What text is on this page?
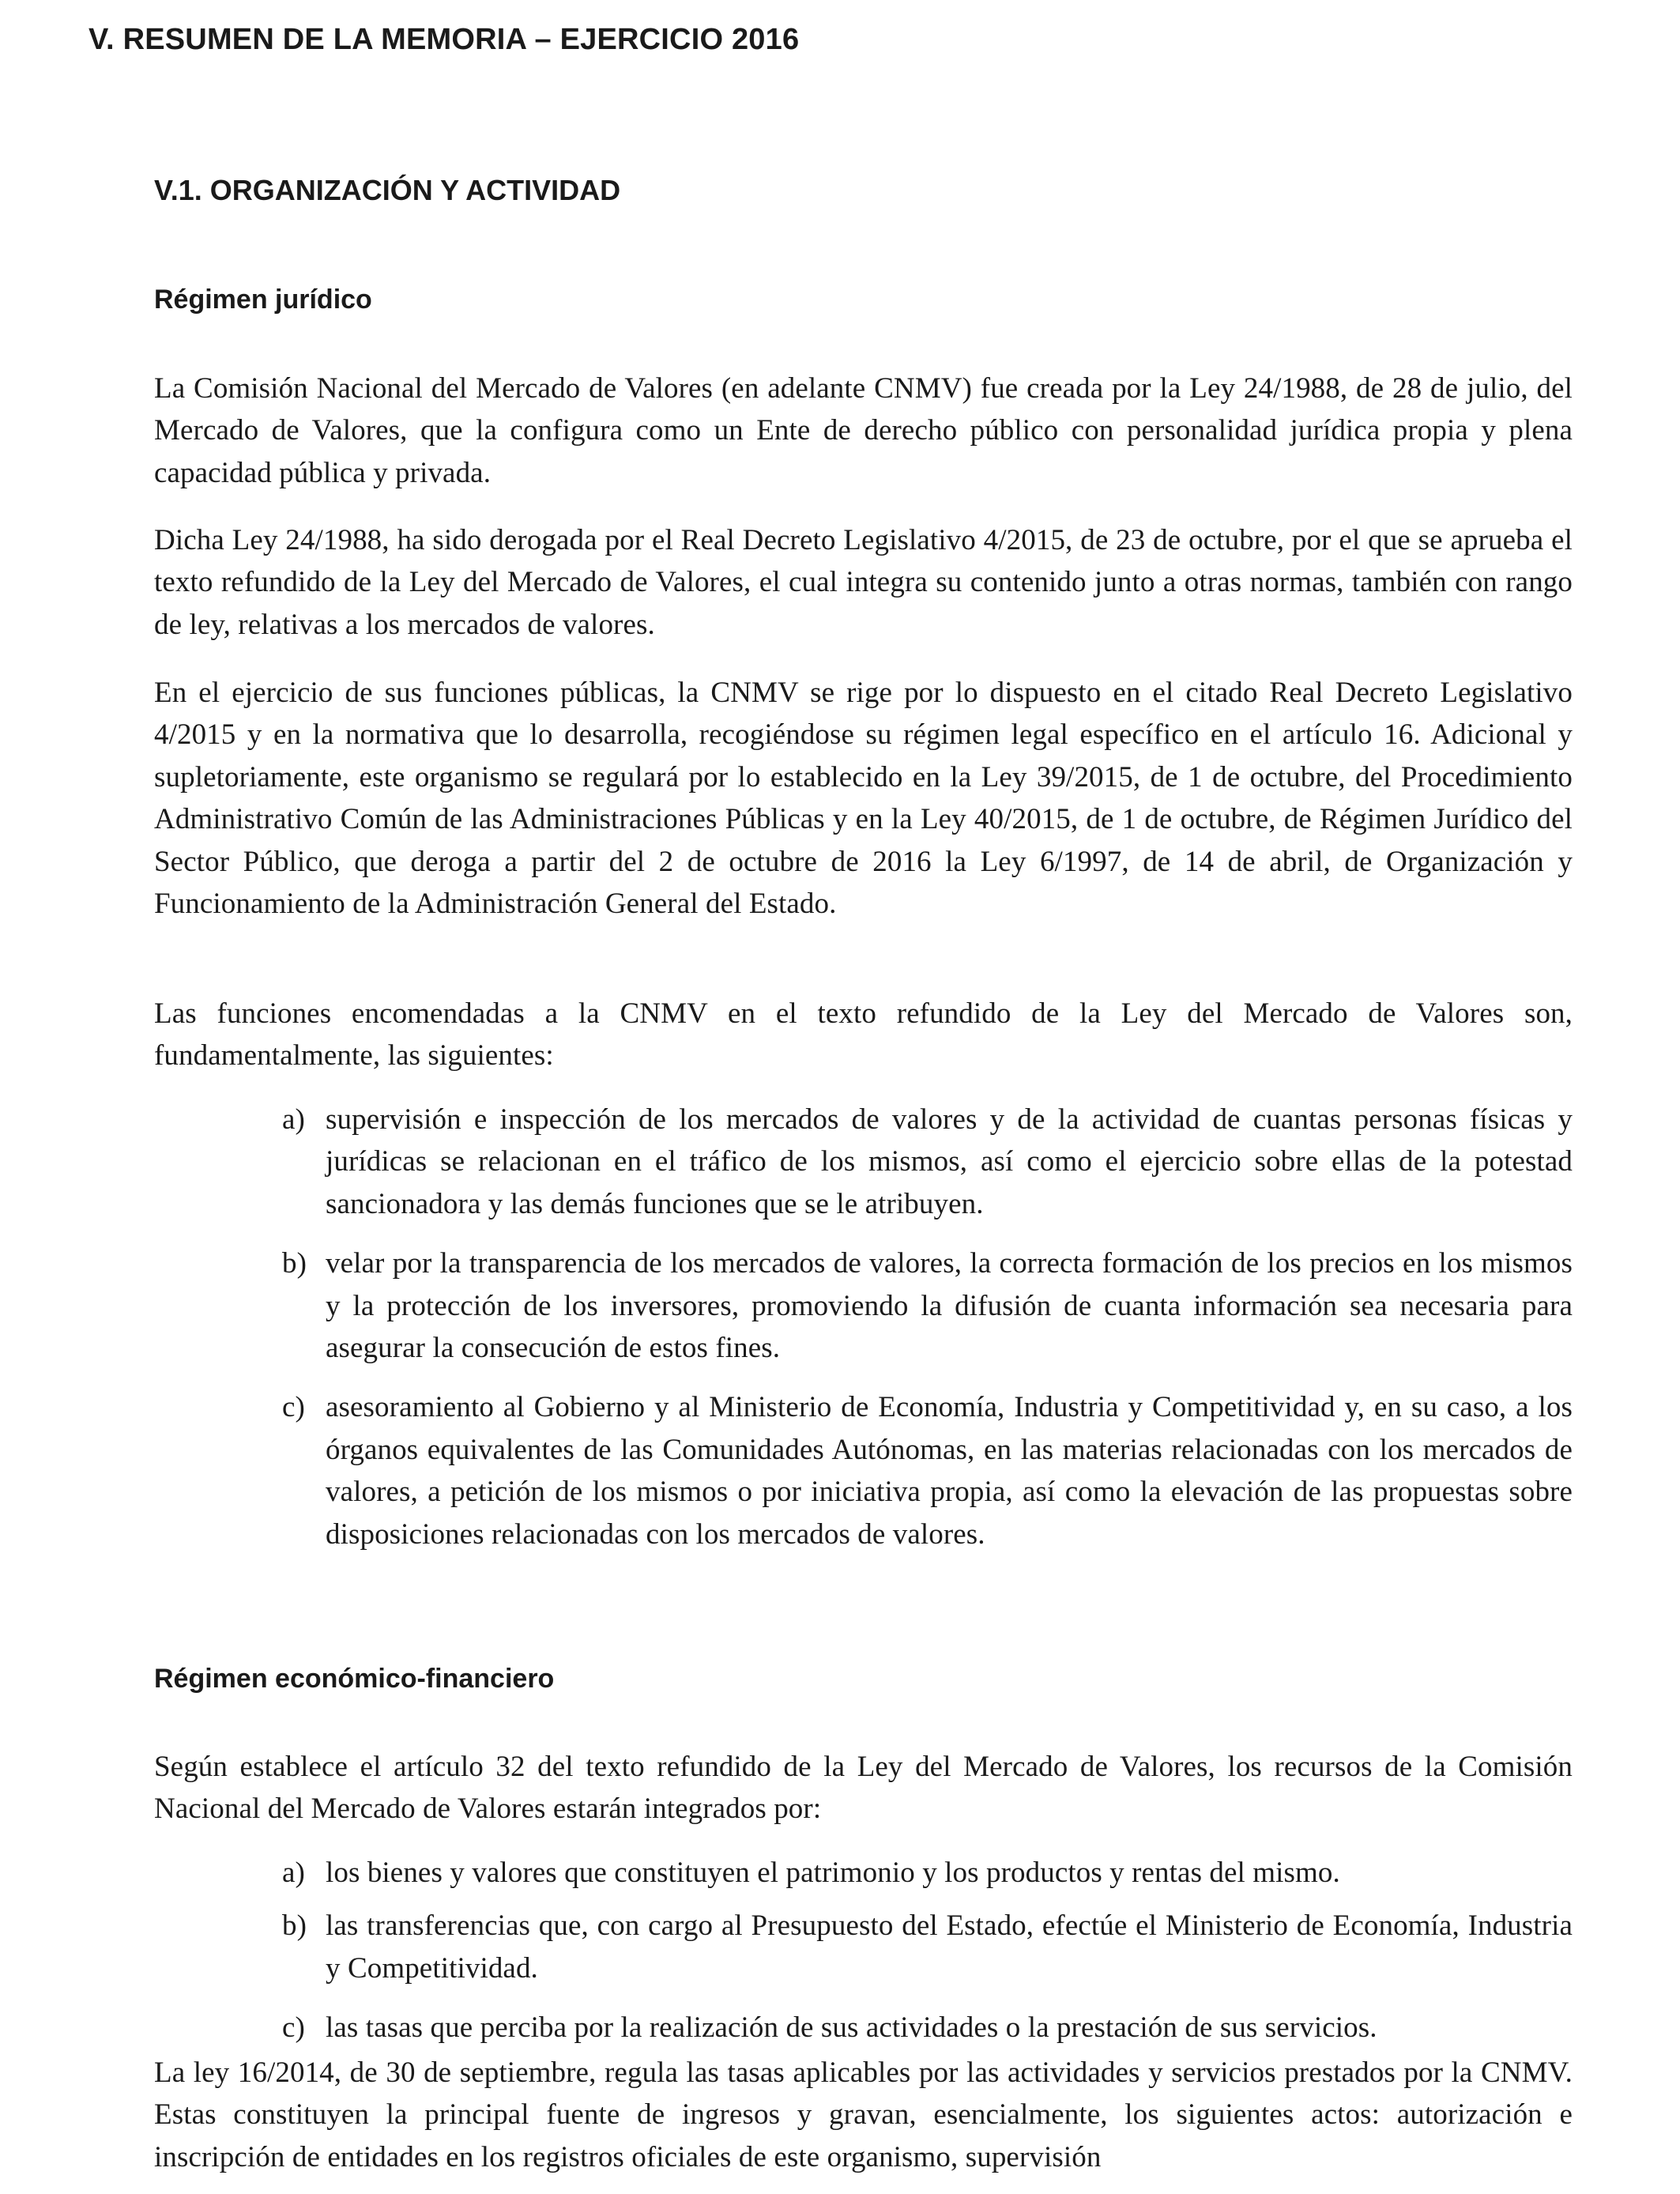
V. RESUMEN DE LA MEMORIA – EJERCICIO 2016
V.1. ORGANIZACIÓN Y ACTIVIDAD
Régimen jurídico

La Comisión Nacional del Mercado de Valores (en adelante CNMV) fue creada por la Ley 24/1988, de 28 de julio, del Mercado de Valores, que la configura como un Ente de derecho público con personalidad jurídica propia y plena capacidad pública y privada.

Dicha Ley 24/1988, ha sido derogada por el Real Decreto Legislativo 4/2015, de 23 de octubre, por el que se aprueba el texto refundido de la Ley del Mercado de Valores, el cual integra su contenido junto a otras normas, también con rango de ley, relativas a los mercados de valores.

En el ejercicio de sus funciones públicas, la CNMV se rige por lo dispuesto en el citado Real Decreto Legislativo 4/2015 y en la normativa que lo desarrolla, recogiéndose su régimen legal específico en el artículo 16. Adicional y supletoriamente, este organismo se regulará por lo establecido en la Ley 39/2015, de 1 de octubre, del Procedimiento Administrativo Común de las Administraciones Públicas y en la Ley 40/2015, de 1 de octubre, de Régimen Jurídico del Sector Público, que deroga a partir del 2 de octubre de 2016 la Ley 6/1997, de 14 de abril, de Organización y Funcionamiento de la Administración General del Estado.

Las funciones encomendadas a la CNMV en el texto refundido de la Ley del Mercado de Valores son, fundamentalmente, las siguientes:

a) supervisión e inspección de los mercados de valores y de la actividad de cuantas personas físicas y jurídicas se relacionan en el tráfico de los mismos, así como el ejercicio sobre ellas de la potestad sancionadora y las demás funciones que se le atribuyen.
b) velar por la transparencia de los mercados de valores, la correcta formación de los precios en los mismos y la protección de los inversores, promoviendo la difusión de cuanta información sea necesaria para asegurar la consecución de estos fines.
c) asesoramiento al Gobierno y al Ministerio de Economía, Industria y Competitividad y, en su caso, a los órganos equivalentes de las Comunidades Autónomas, en las materias relacionadas con los mercados de valores, a petición de los mismos o por iniciativa propia, así como la elevación de las propuestas sobre disposiciones relacionadas con los mercados de valores.
Régimen económico-financiero

Según establece el artículo 32 del texto refundido de la Ley del Mercado de Valores, los recursos de la Comisión Nacional del Mercado de Valores estarán integrados por:

a) los bienes y valores que constituyen el patrimonio y los productos y rentas del mismo.
b) las transferencias que, con cargo al Presupuesto del Estado, efectúe el Ministerio de Economía, Industria y Competitividad.
c) las tasas que perciba por la realización de sus actividades o la prestación de sus servicios.

La ley 16/2014, de 30 de septiembre, regula las tasas aplicables por las actividades y servicios prestados por la CNMV. Estas constituyen la principal fuente de ingresos y gravan, esencialmente, los siguientes actos: autorización e inscripción de entidades en los registros oficiales de este organismo, supervisión
